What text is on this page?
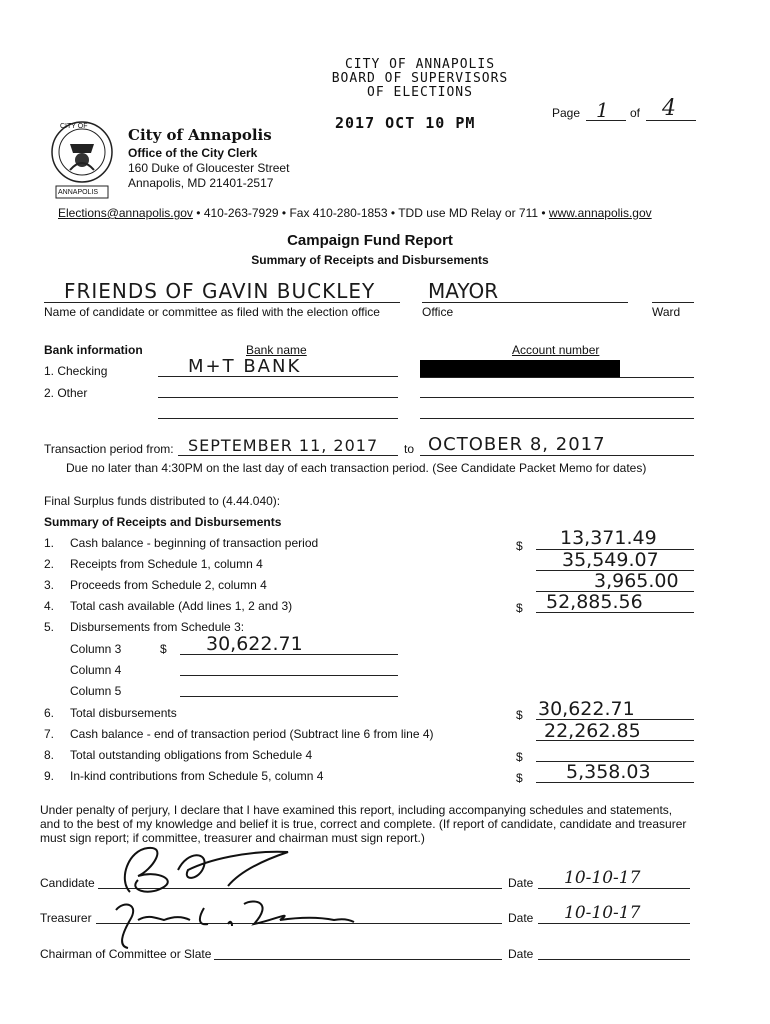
CITY OF ANNAPOLIS
BOARD OF SUPERVISORS
OF ELECTIONS
2017 OCT 10 PM
Page 1 of 4
CITY OF
ANNAPOLIS
City of Annapolis
Office of the City Clerk
160 Duke of Gloucester Street
Annapolis, MD 21401-2517
Elections@annapolis.gov • 410-263-7929 • Fax 410-280-1853 • TDD use MD Relay or 711 • www.annapolis.gov
Campaign Fund Report
Summary of Receipts and Disbursements
FRIENDS OF GAVIN BUCKLEY
Name of candidate or committee as filed with the election office
MAYOR
Office	Ward
Bank information	Bank name	Account number
1. Checking	M+T BANK
2. Other
Transaction period from: SEPTEMBER 11, 2017 to OCTOBER 8, 2017
Due no later than 4:30PM on the last day of each transaction period. (See Candidate Packet Memo for dates)
Final Surplus funds distributed to (4.44.040):
Summary of Receipts and Disbursements
1. Cash balance - beginning of transaction period	$ 13,371.49
2. Receipts from Schedule 1, column 4	35,549.07
3. Proceeds from Schedule 2, column 4	3,965.00
4. Total cash available (Add lines 1, 2 and 3)	$ 52,885.56
5. Disbursements from Schedule 3:
Column 3	$ 30,622.71
Column 4
Column 5
6. Total disbursements	$ 30,622.71
7. Cash balance - end of transaction period (Subtract line 6 from line 4)	22,262.85
8. Total outstanding obligations from Schedule 4	$
9. In-kind contributions from Schedule 5, column 4	$ 5,358.03
Under penalty of perjury, I declare that I have examined this report, including accompanying schedules and statements, and to the best of my knowledge and belief it is true, correct and complete. (If report of candidate, candidate and treasurer must sign report; if committee, treasurer and chairman must sign report.)
Candidate	Date 10-10-17
Treasurer	Date 10-10-17
Chairman of Committee or Slate	Date
